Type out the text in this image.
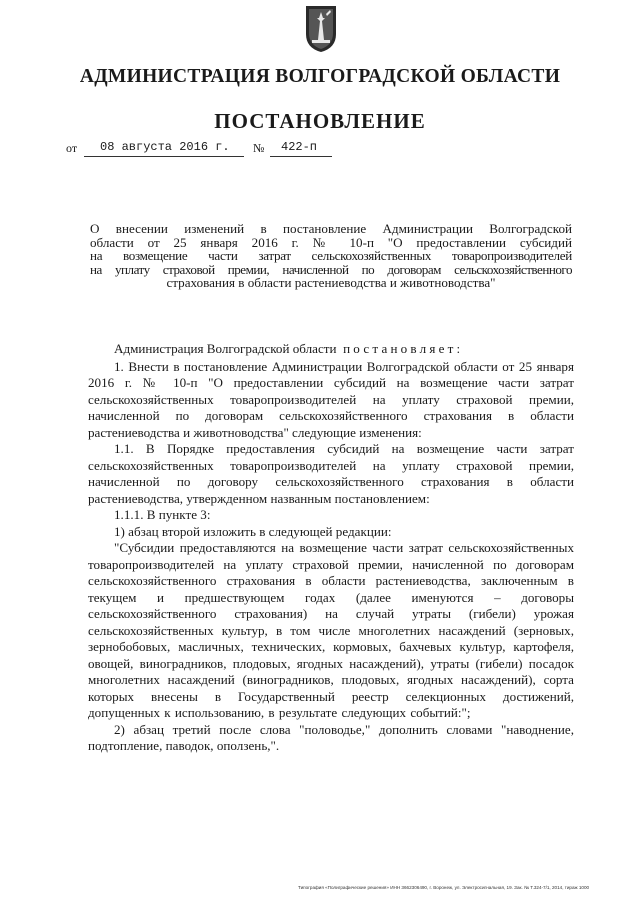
АДМИНИСТРАЦИЯ ВОЛГОГРАДСКОЙ ОБЛАСТИ
ПОСТАНОВЛЕНИЕ
от 08 августа 2016 г. № 422-п
О внесении изменений в постановление Администрации Волгоградской
области от 25 января 2016 г. № 10-п "О предоставлении субсидий
на возмещение части затрат сельскохозяйственных товаропроизводителей
на уплату страховой премии, начисленной по договорам сельскохозяйственного
страхования в области растениеводства и животноводства"

Администрация Волгоградской области постановляет:

1. Внести в постановление Администрации Волгоградской области от 25 января 2016 г. № 10-п "О предоставлении субсидий на возмещение части затрат сельскохозяйственных товаропроизводителей на уплату страховой премии, начисленной по договорам сельскохозяйственного страхования в области растениеводства и животноводства" следующие изменения:

1.1. В Порядке предоставления субсидий на возмещение части затрат сельскохозяйственных товаропроизводителей на уплату страховой премии, начисленной по договору сельскохозяйственного страхования в области растениеводства, утвержденном названным постановлением:

1.1.1. В пункте 3:

1) абзац второй изложить в следующей редакции:

"Субсидии предоставляются на возмещение части затрат сельскохозяйственных товаропроизводителей на уплату страховой премии, начисленной по договорам сельскохозяйственного страхования в области растениеводства, заключенным в текущем и предшествующем годах (далее именуются – договоры сельскохозяйственного страхования) на случай утраты (гибели) урожая сельскохозяйственных культур, в том числе многолетних насаждений (зерновых, зернобобовых, масличных, технических, кормовых, бахчевых культур, картофеля, овощей, виноградников, плодовых, ягодных насаждений), утраты (гибели) посадок многолетних насаждений (виноградников, плодовых, ягодных насаждений), сорта которых внесены в Государственный реестр селекционных достижений, допущенных к использованию, в результате следующих событий:";

2) абзац третий после слова "половодье," дополнить словами "наводнение, подтопление, паводок, оползень,".

Типография «Полиграфические решения» ИНН 3662306490, г. Воронеж, ул. Электросигнальная, 19. Зак. № Т.324-7/1, 2014, тираж 1000
